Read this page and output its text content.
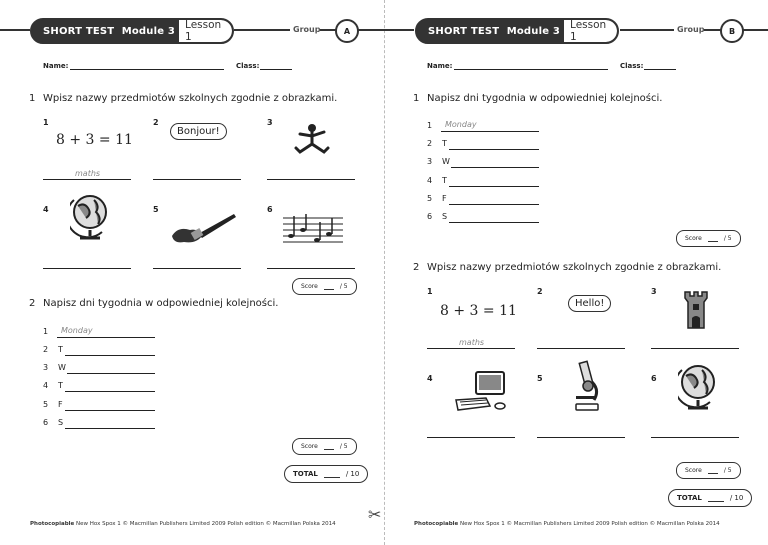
✂
SHORT TEST Module 3 Lesson 1
Group	A
Name:	Class:
1 Wpisz nazwy przedmiotów szkolnych zgodnie z obrazkami.
1
8 + 3 = 11
maths
2
Bonjour!
3
4	5	6
Score	/ 5
2 Napisz dni tygodnia w odpowiedniej kolejności.
1 Monday
2 T
3 W
4 T
5 F
6 S
Score	/ 5
TOTAL	/ 10
Photocopiable New Hox Spox 1 © Macmillan Publishers Limited 2009 Polish edition © Macmillan Polska 2014
SHORT TEST Module 3 Lesson 1
Group	B
Name:	Class:
1 Napisz dni tygodnia w odpowiedniej kolejności.
1 Monday
2 T
3 W
4 T
5 F
6 S
Score	/ 5
2 Wpisz nazwy przedmiotów szkolnych zgodnie z obrazkami.
1
8 + 3 = 11
maths
2
Hello!
3
4	5	6
Score	/ 5
TOTAL	/ 10
Photocopiable New Hox Spox 1 © Macmillan Publishers Limited 2009 Polish edition © Macmillan Polska 2014
